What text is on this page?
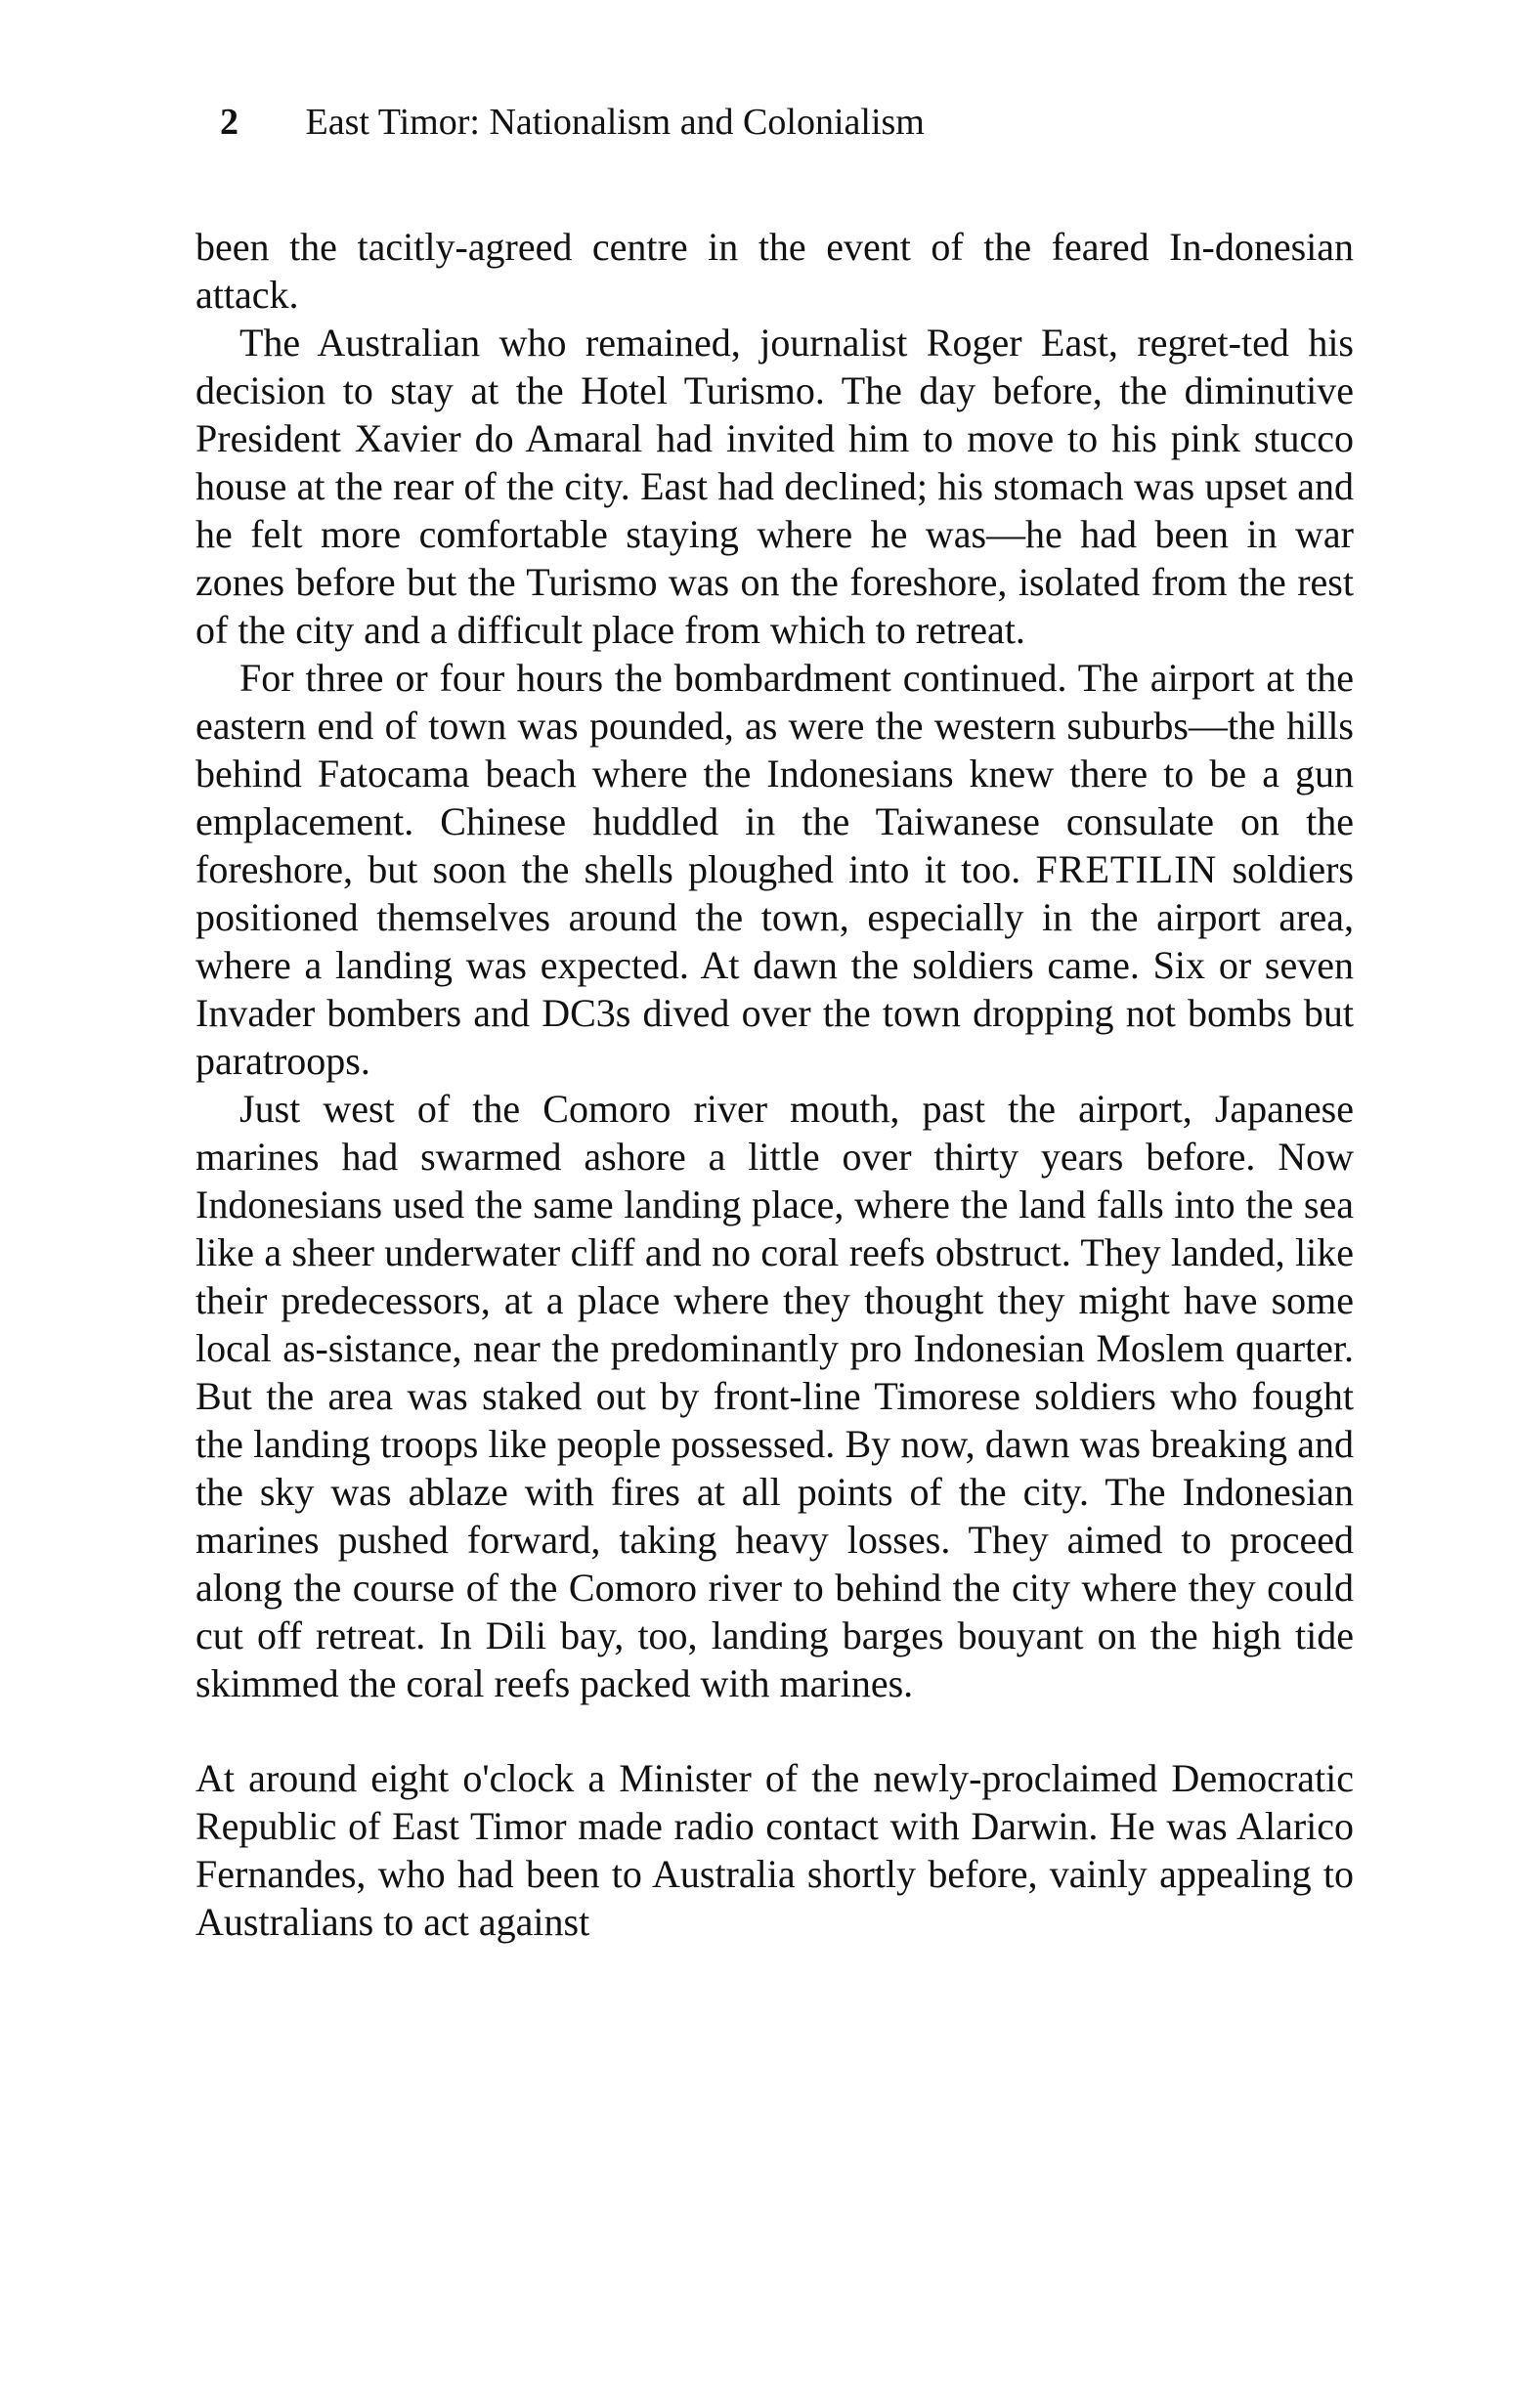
2 East Timor: Nationalism and Colonialism

been the tacitly-agreed centre in the event of the feared In-donesian attack.

The Australian who remained, journalist Roger East, regret-ted his decision to stay at the Hotel Turismo. The day before, the diminutive President Xavier do Amaral had invited him to move to his pink stucco house at the rear of the city. East had declined; his stomach was upset and he felt more comfortable staying where he was—he had been in war zones before but the Turismo was on the foreshore, isolated from the rest of the city and a difficult place from which to retreat.

For three or four hours the bombardment continued. The airport at the eastern end of town was pounded, as were the western suburbs—the hills behind Fatocama beach where the Indonesians knew there to be a gun emplacement. Chinese huddled in the Taiwanese consulate on the foreshore, but soon the shells ploughed into it too. FRETILIN soldiers positioned themselves around the town, especially in the airport area, where a landing was expected. At dawn the soldiers came. Six or seven Invader bombers and DC3s dived over the town dropping not bombs but paratroops.

Just west of the Comoro river mouth, past the airport, Japanese marines had swarmed ashore a little over thirty years before. Now Indonesians used the same landing place, where the land falls into the sea like a sheer underwater cliff and no coral reefs obstruct. They landed, like their predecessors, at a place where they thought they might have some local as-sistance, near the predominantly pro Indonesian Moslem quarter. But the area was staked out by front-line Timorese soldiers who fought the landing troops like people possessed. By now, dawn was breaking and the sky was ablaze with fires at all points of the city. The Indonesian marines pushed forward, taking heavy losses. They aimed to proceed along the course of the Comoro river to behind the city where they could cut off retreat. In Dili bay, too, landing barges bouyant on the high tide skimmed the coral reefs packed with marines.

At around eight o'clock a Minister of the newly-proclaimed Democratic Republic of East Timor made radio contact with Darwin. He was Alarico Fernandes, who had been to Australia shortly before, vainly appealing to Australians to act against
